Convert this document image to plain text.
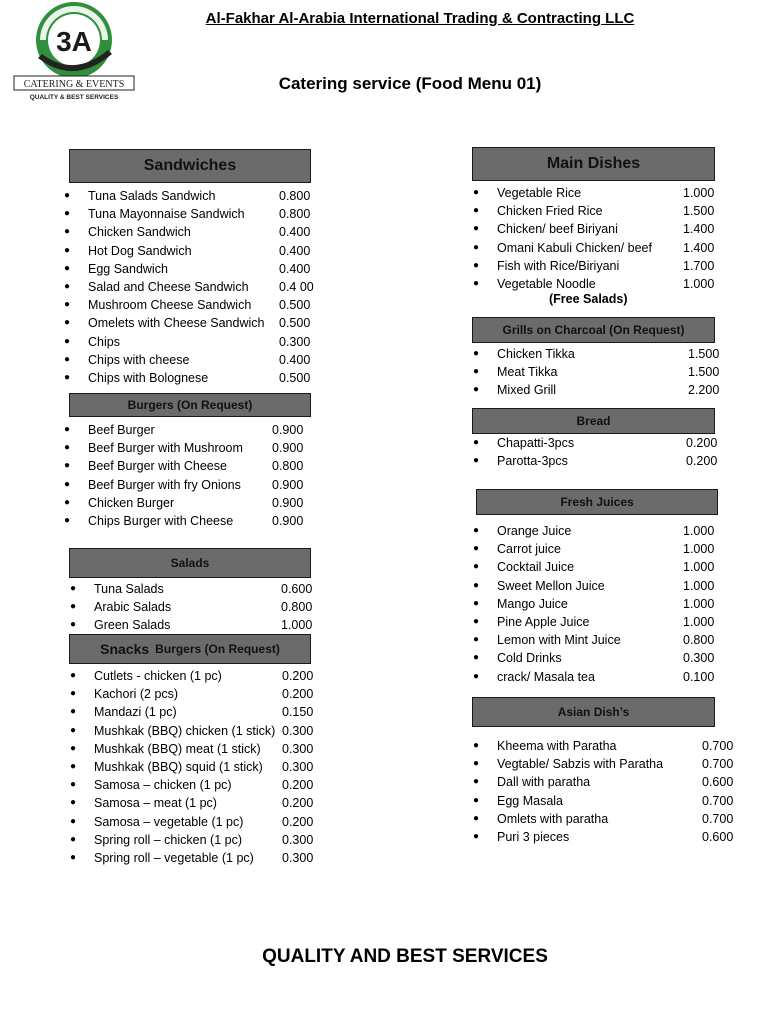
3A
CATERING & EVENTS
QUALITY & BEST SERVICES
Al-Fakhar Al-Arabia International Trading & Contracting LLC
Catering service (Food Menu 01)
Sandwiches
● Tuna Salads Sandwich	0.800
● Tuna Mayonnaise Sandwich	0.800
● Chicken Sandwich	0.400
● Hot Dog Sandwich	0.400
● Egg Sandwich	0.400
● Salad and Cheese Sandwich 0.4 00
● Mushroom Cheese Sandwich 0.500
● Omelets with Cheese Sandwich 0.500
● Chips	0.300
● Chips with cheese	0.400
● Chips with Bolognese	0.500
Burgers (On Request)
● Beef Burger	0.900
● Beef Burger with Mushroom 0.900
● Beef Burger with Cheese	0.800
● Beef Burger with fry Onions 0.900
● Chicken Burger	0.900
● Chips Burger with Cheese	0.900
Salads
● Tuna Salads	0.600
● Arabic Salads	0.800
● Green Salads	1.000
Snacks Burgers (On Request)
● Cutlets - chicken (1 pc)	0.200
● Kachori (2 pcs)	0.200
● Mandazi (1 pc)	0.150
● Mushkak (BBQ) chicken (1 stick) 0.300
● Mushkak (BBQ) meat (1 stick) 0.300
● Mushkak (BBQ) squid (1 stick) 0.300
● Samosa – chicken (1 pc)	0.200
● Samosa – meat (1 pc)	0.200
● Samosa – vegetable (1 pc)	0.200
● Spring roll – chicken (1 pc)	0.300
● Spring roll – vegetable (1 pc) 0.300
Main Dishes
● Vegetable Rice	1.000
● Chicken Fried Rice	1.500
● Chicken/ beef Biriyani	1.400
● Omani Kabuli Chicken/ beef 1.400
● Fish with Rice/Biriyani	1.700
● Vegetable Noodle	1.000
(Free Salads)
Grills on Charcoal (On Request)
● Chicken Tikka	1.500
● Meat Tikka	1.500
● Mixed Grill	2.200
Bread
● Chapatti-3pcs	0.200
● Parotta-3pcs	0.200
Fresh Juices
● Orange Juice	1.000
● Carrot juice	1.000
● Cocktail Juice	1.000
● Sweet Mellon Juice	1.000
● Mango Juice	1.000
● Pine Apple Juice	1.000
● Lemon with Mint Juice	0.800
● Cold Drinks	0.300
● crack/ Masala tea	0.100
Asian Dish’s
● Kheema with Paratha	0.700
● Vegtable/ Sabzis with Paratha	0.700
● Dall with paratha	0.600
● Egg Masala	0.700
● Omlets with paratha	0.700
● Puri 3 pieces	0.600
QUALITY AND BEST SERVICES
